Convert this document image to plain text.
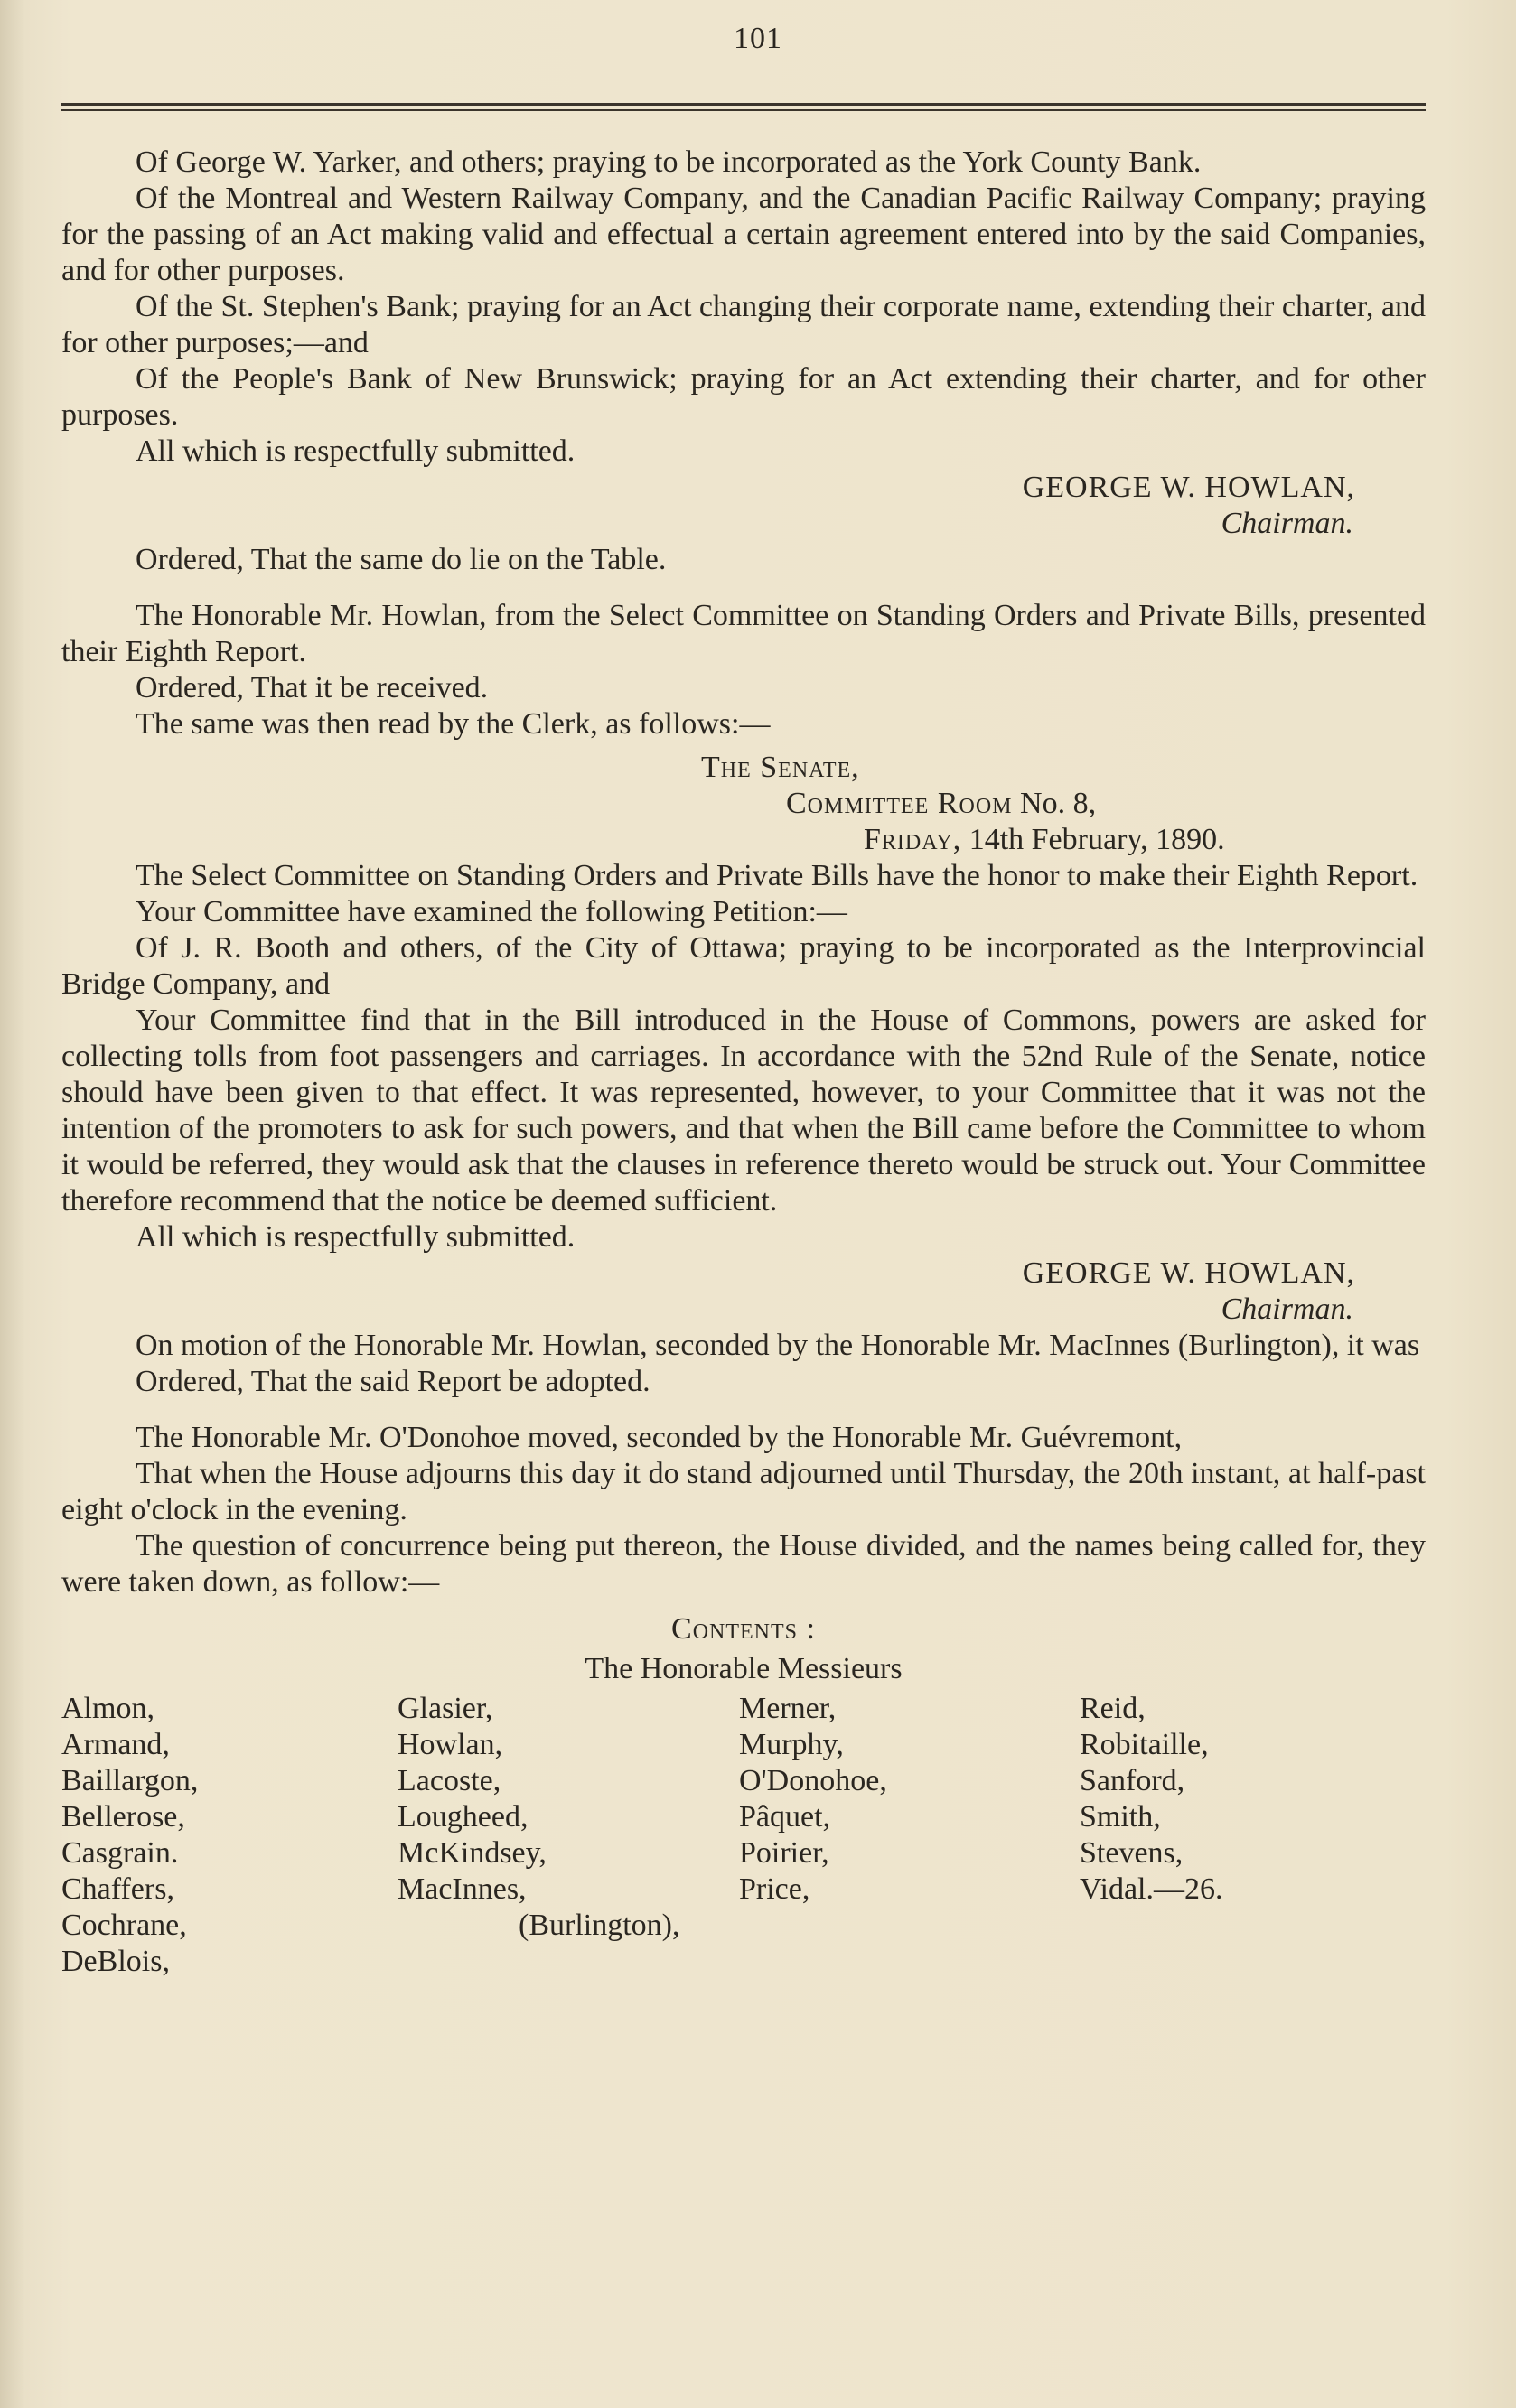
101

Of George W. Yarker, and others; praying to be incorporated as the York County Bank.

Of the Montreal and Western Railway Company, and the Canadian Pacific Railway Company; praying for the passing of an Act making valid and effectual a certain agreement entered into by the said Companies, and for other purposes.

Of the St. Stephen's Bank; praying for an Act changing their corporate name, extending their charter, and for other purposes;—and

Of the People's Bank of New Brunswick; praying for an Act extending their charter, and for other purposes.

All which is respectfully submitted.

GEORGE W. HOWLAN,

Chairman.

Ordered, That the same do lie on the Table.

The Honorable Mr. Howlan, from the Select Committee on Standing Orders and Private Bills, presented their Eighth Report.

Ordered, That it be received.

The same was then read by the Clerk, as follows:—

The Senate,

Committee Room No. 8,

Friday, 14th February, 1890.

The Select Committee on Standing Orders and Private Bills have the honor to make their Eighth Report.

Your Committee have examined the following Petition:—

Of J. R. Booth and others, of the City of Ottawa; praying to be incorporated as the Interprovincial Bridge Company, and

Your Committee find that in the Bill introduced in the House of Commons, powers are asked for collecting tolls from foot passengers and carriages. In accordance with the 52nd Rule of the Senate, notice should have been given to that effect. It was represented, however, to your Committee that it was not the intention of the promoters to ask for such powers, and that when the Bill came before the Committee to whom it would be referred, they would ask that the clauses in reference thereto would be struck out. Your Committee therefore recommend that the notice be deemed sufficient.

All which is respectfully submitted.

GEORGE W. HOWLAN,

Chairman.

On motion of the Honorable Mr. Howlan, seconded by the Honorable Mr. MacInnes (Burlington), it was

Ordered, That the said Report be adopted.

The Honorable Mr. O'Donohoe moved, seconded by the Honorable Mr. Guévremont,

That when the House adjourns this day it do stand adjourned until Thursday, the 20th instant, at half-past eight o'clock in the evening.

The question of concurrence being put thereon, the House divided, and the names being called for, they were taken down, as follow:—

Contents :

The Honorable Messieurs

Almon,
Armand,
Baillargon,
Bellerose,
Casgrain.
Chaffers,
Cochrane,
DeBlois,
Glasier,
Howlan,
Lacoste,
Lougheed,
McKindsey,
MacInnes,
(Burlington),
Merner,
Murphy,
O'Donohoe,
Pâquet,
Poirier,
Price,
Reid,
Robitaille,
Sanford,
Smith,
Stevens,
Vidal.—26.
